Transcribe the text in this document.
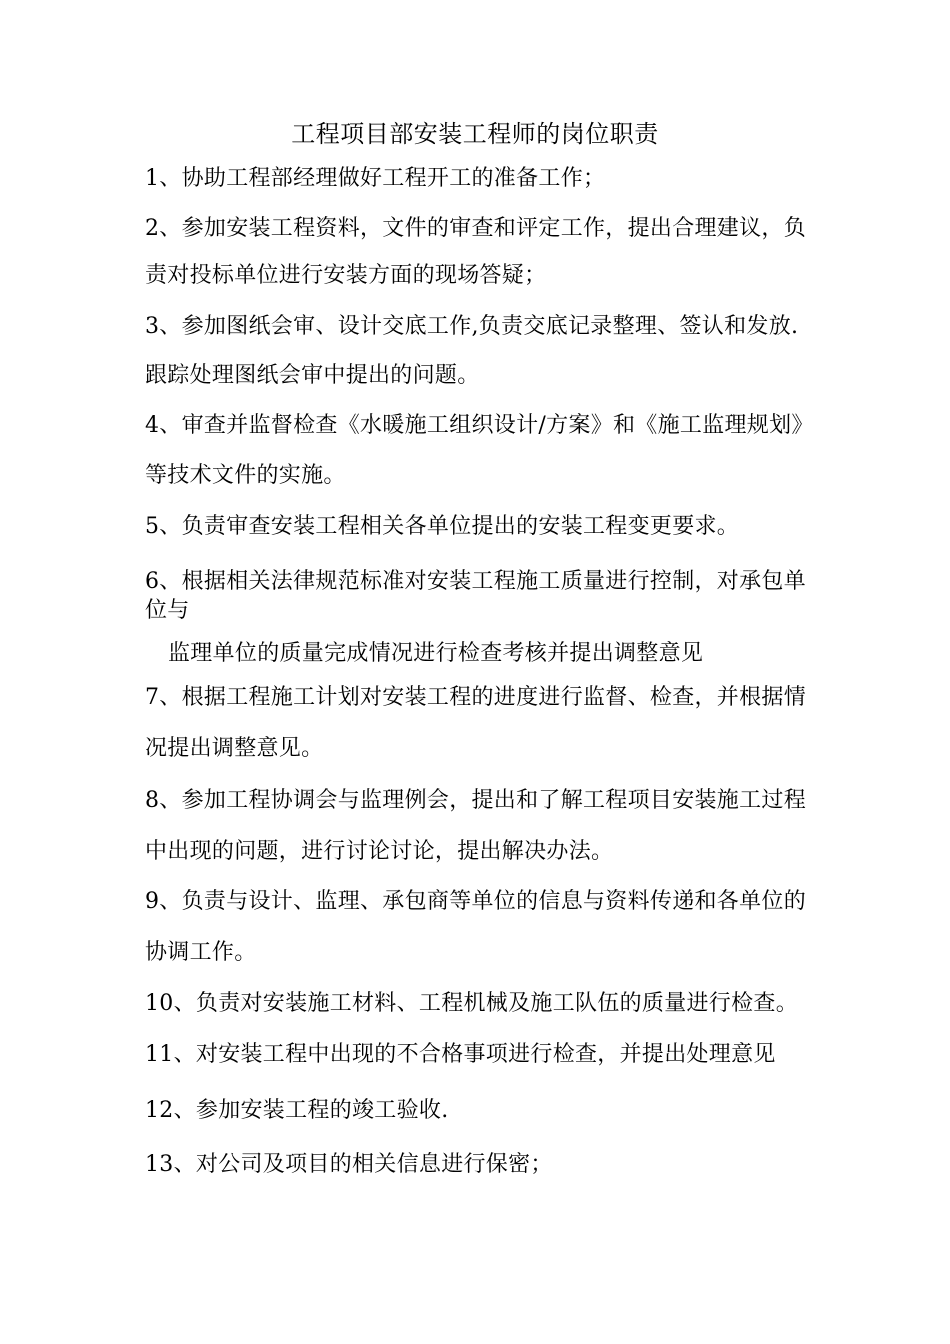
工程项目部安装工程师的岗位职责
1、协助工程部经理做好工程开工的准备工作；
2、参加安装工程资料，文件的审查和评定工作，提出合理建议，负
责对投标单位进行安装方面的现场答疑；
3、参加图纸会审、设计交底工作,负责交底记录整理、签认和发放.
跟踪处理图纸会审中提出的问题。
4、审查并监督检查《水暖施工组织设计/方案》和《施工监理规划》
等技术文件的实施。
5、负责审查安装工程相关各单位提出的安装工程变更要求。
6、根据相关法律规范标准对安装工程施工质量进行控制，对承包单
位与
监理单位的质量完成情况进行检查考核并提出调整意见
7、根据工程施工计划对安装工程的进度进行监督、检查，并根据情
况提出调整意见。
8、参加工程协调会与监理例会，提出和了解工程项目安装施工过程
中出现的问题，进行讨论讨论，提出解决办法。
9、负责与设计、监理、承包商等单位的信息与资料传递和各单位的
协调工作。
10、负责对安装施工材料、工程机械及施工队伍的质量进行检查。
11、对安装工程中出现的不合格事项进行检查，并提出处理意见
12、参加安装工程的竣工验收.
13、对公司及项目的相关信息进行保密；
